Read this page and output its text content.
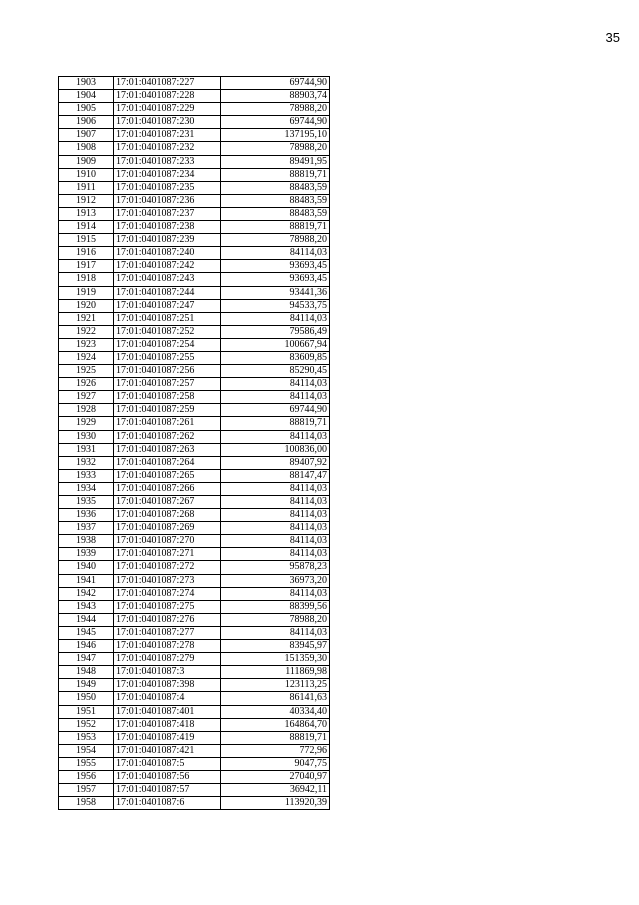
35
1903	17:01:0401087:227	69744,90
1904	17:01:0401087:228	88903,74
1905	17:01:0401087:229	78988,20
1906	17:01:0401087:230	69744,90
1907	17:01:0401087:231	137195,10
1908	17:01:0401087:232	78988,20
1909	17:01:0401087:233	89491,95
1910	17:01:0401087:234	88819,71
1911	17:01:0401087:235	88483,59
1912	17:01:0401087:236	88483,59
1913	17:01:0401087:237	88483,59
1914	17:01:0401087:238	88819,71
1915	17:01:0401087:239	78988,20
1916	17:01:0401087:240	84114,03
1917	17:01:0401087:242	93693,45
1918	17:01:0401087:243	93693,45
1919	17:01:0401087:244	93441,36
1920	17:01:0401087:247	94533,75
1921	17:01:0401087:251	84114,03
1922	17:01:0401087:252	79586,49
1923	17:01:0401087:254	100667,94
1924	17:01:0401087:255	83609,85
1925	17:01:0401087:256	85290,45
1926	17:01:0401087:257	84114,03
1927	17:01:0401087:258	84114,03
1928	17:01:0401087:259	69744,90
1929	17:01:0401087:261	88819,71
1930	17:01:0401087:262	84114,03
1931	17:01:0401087:263	100836,00
1932	17:01:0401087:264	89407,92
1933	17:01:0401087:265	88147,47
1934	17:01:0401087:266	84114,03
1935	17:01:0401087:267	84114,03
1936	17:01:0401087:268	84114,03
1937	17:01:0401087:269	84114,03
1938	17:01:0401087:270	84114,03
1939	17:01:0401087:271	84114,03
1940	17:01:0401087:272	95878,23
1941	17:01:0401087:273	36973,20
1942	17:01:0401087:274	84114,03
1943	17:01:0401087:275	88399,56
1944	17:01:0401087:276	78988,20
1945	17:01:0401087:277	84114,03
1946	17:01:0401087:278	83945,97
1947	17:01:0401087:279	151359,30
1948	17:01:0401087:3	111869,98
1949	17:01:0401087:398	123113,25
1950	17:01:0401087:4	86141,63
1951	17:01:0401087:401	40334,40
1952	17:01:0401087:418	164864,70
1953	17:01:0401087:419	88819,71
1954	17:01:0401087:421	772,96
1955	17:01:0401087:5	9047,75
1956	17:01:0401087:56	27040,97
1957	17:01:0401087:57	36942,11
1958	17:01:0401087:6	113920,39
